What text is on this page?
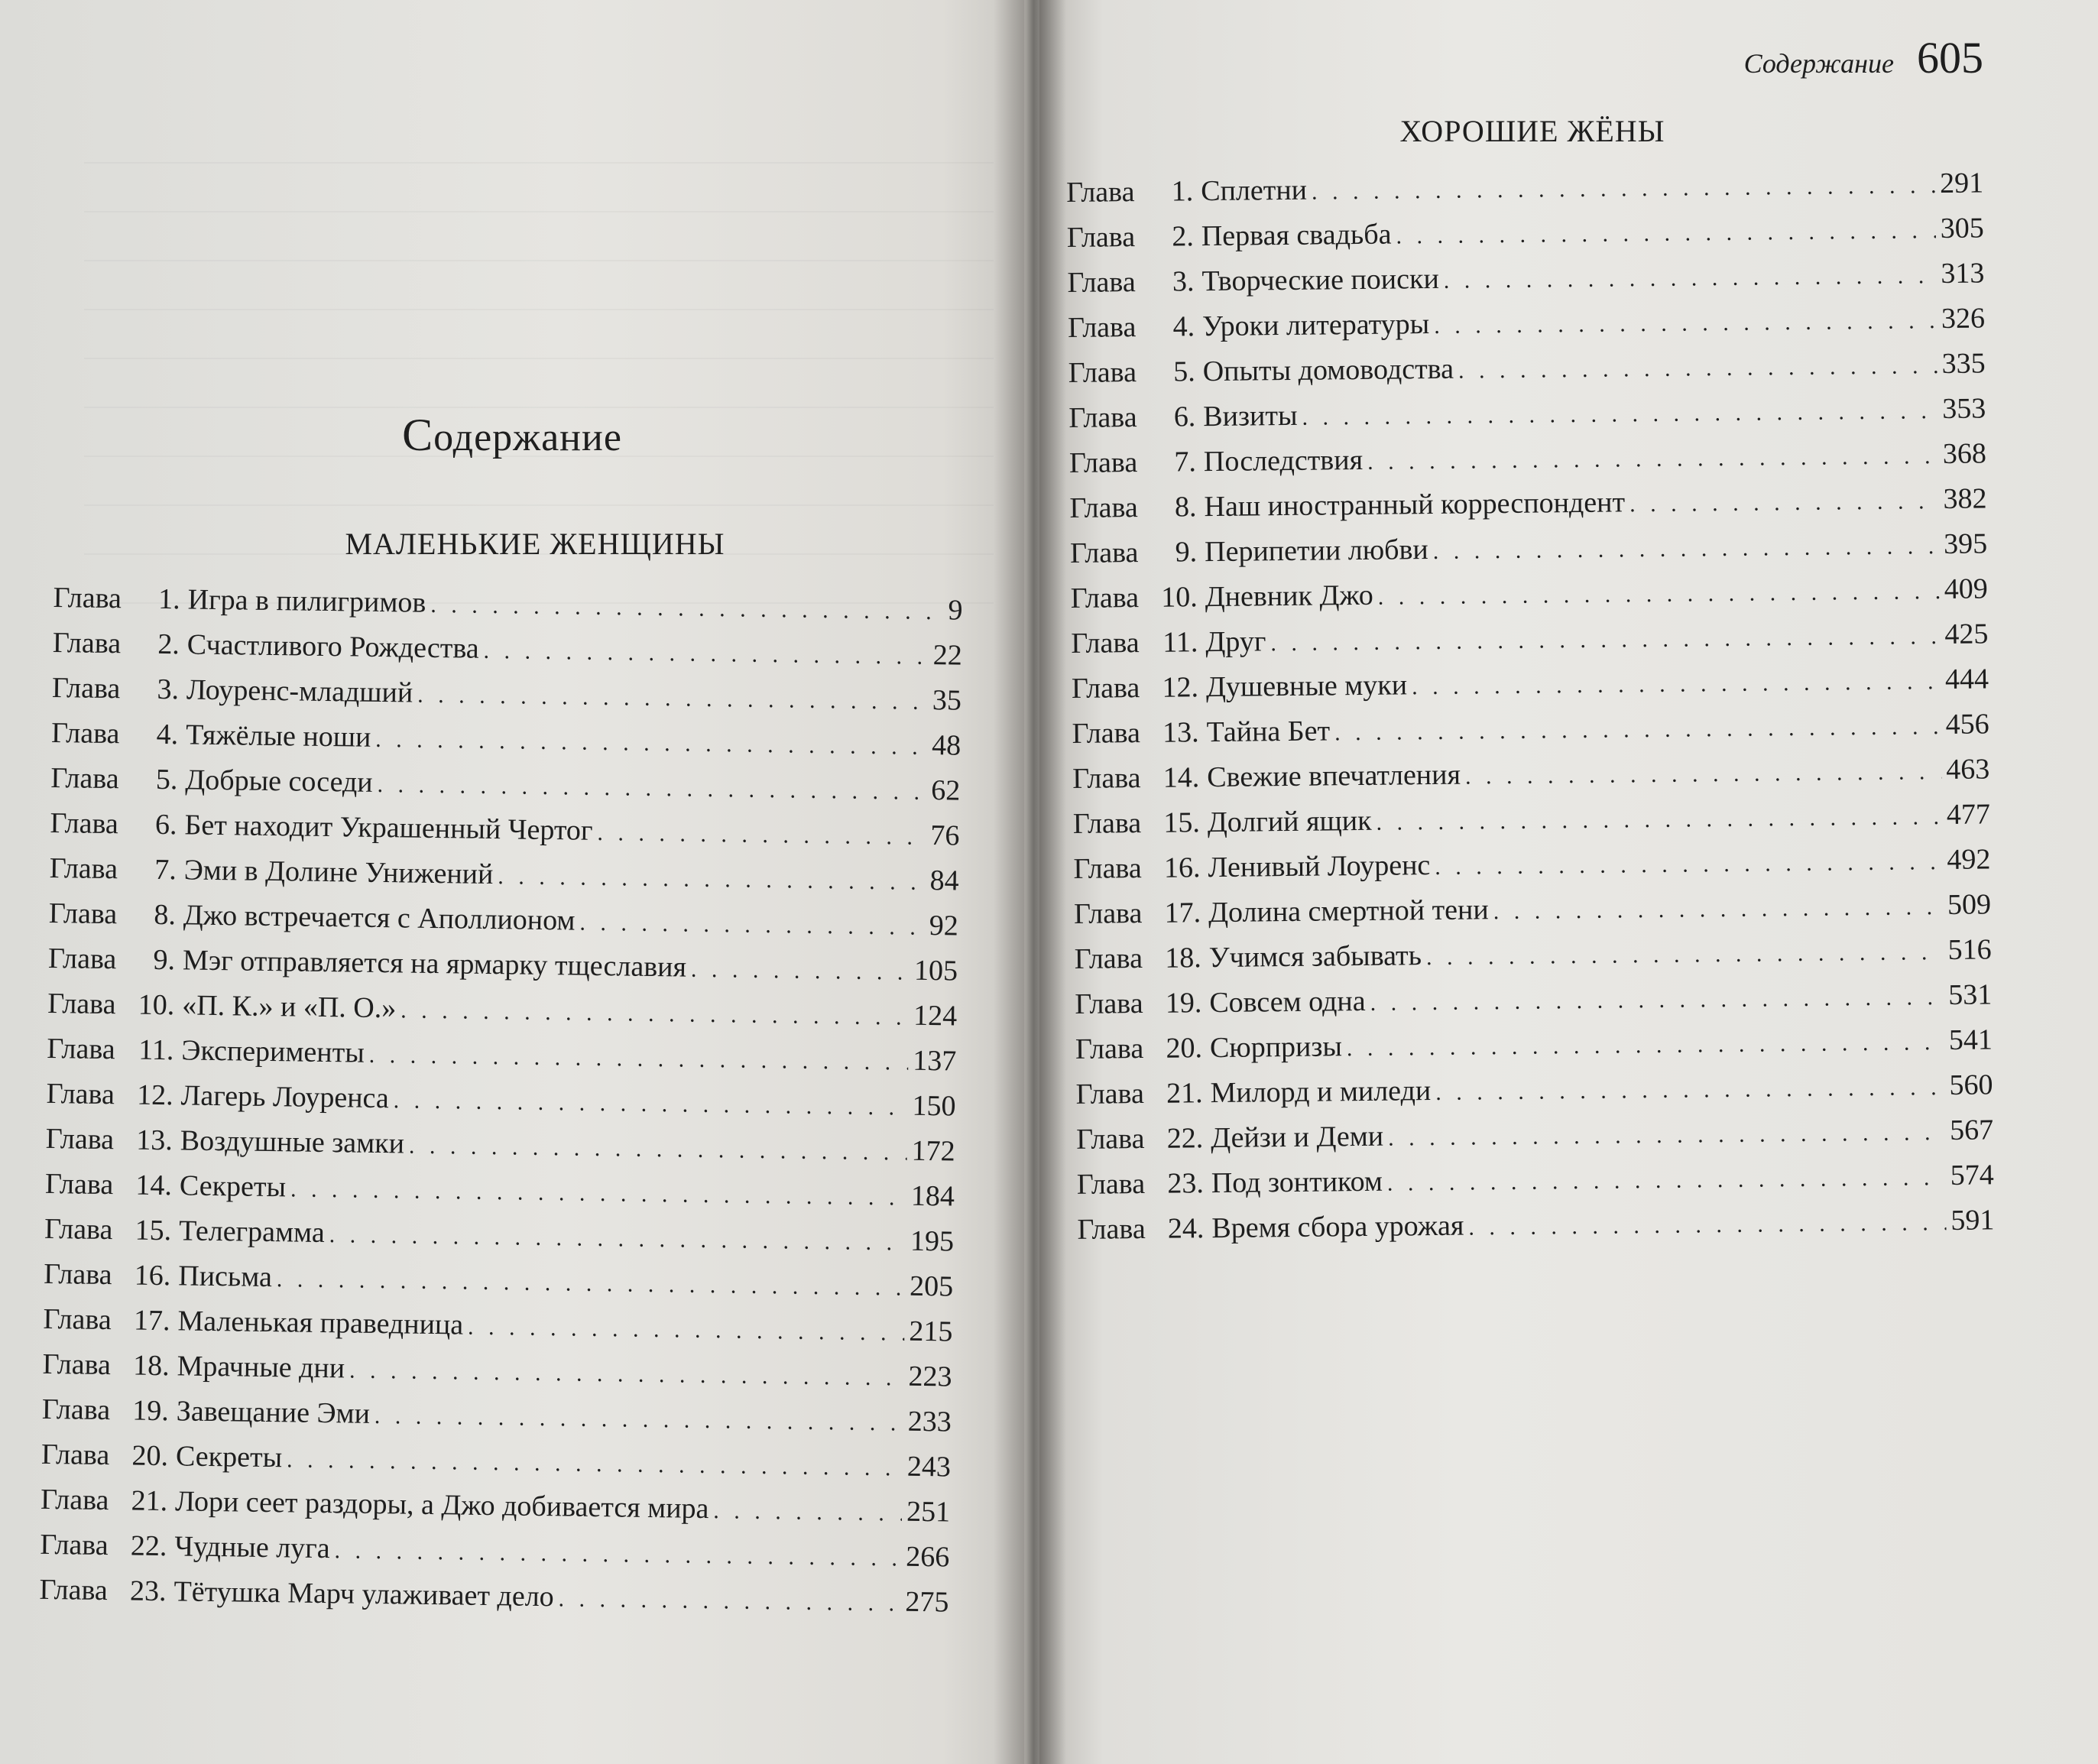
Содержание
МАЛЕНЬКИЕ ЖЕНЩИНЫ
Глава	1. Игра в пилигримов . . .	9
Глава	2. Счастливого Рождества . . .	22
Глава	3. Лоуренс-младший . . .	35
Глава	4. Тяжёлые ноши . . .	48
Глава	5. Добрые соседи . . .	62
Глава	6. Бет находит Украшенный Чертог . . .	76
Глава	7. Эми в Долине Унижений . . .	84
Глава	8. Джо встречается с Аполлионом . . .	92
Глава	9. Мэг отправляется на ярмарку тщеславия . . .	105
Глава 10. «П. К.» и «П. О.» . . .	124
Глава 11. Эксперименты . . .	137
Глава 12. Лагерь Лоуренса . . .	150
Глава 13. Воздушные замки . . .	172
Глава 14. Секреты . . .	184
Глава 15. Телеграмма . . .	195
Глава 16. Письма . . .	205
Глава 17. Маленькая праведница . . .	215
Глава 18. Мрачные дни . . .	223
Глава 19. Завещание Эми . . .	233
Глава 20. Секреты . . .	243
Глава 21. Лори сеет раздоры, а Джо добивается мира . . .	251
Глава 22. Чудные луга . . .	266
Глава 23. Тётушка Марч улаживает дело . . .	275
Содержание 605
ХОРОШИЕ ЖЁНЫ
Глава	1. Сплетни . . .	291
Глава	2. Первая свадьба . . .	305
Глава	3. Творческие поиски . . .	313
Глава	4. Уроки литературы . . .	326
Глава	5. Опыты домоводства . . .	335
Глава	6. Визиты . . .	353
Глава	7. Последствия . . .	368
Глава	8. Наш иностранный корреспондент . . .	382
Глава	9. Перипетии любви . . .	395
Глава 10. Дневник Джо . . .	409
Глава 11. Друг . . .	425
Глава 12. Душевные муки . . .	444
Глава 13. Тайна Бет . . .	456
Глава 14. Свежие впечатления . . .	463
Глава 15. Долгий ящик . . .	477
Глава 16. Ленивый Лоуренс . . .	492
Глава 17. Долина смертной тени . . .	509
Глава 18. Учимся забывать . . .	516
Глава 19. Совсем одна . . .	531
Глава 20. Сюрпризы . . .	541
Глава 21. Милорд и миледи . . .	560
Глава 22. Дейзи и Деми . . .	567
Глава 23. Под зонтиком . . .	574
Глава 24. Время сбора урожая . . .	591
